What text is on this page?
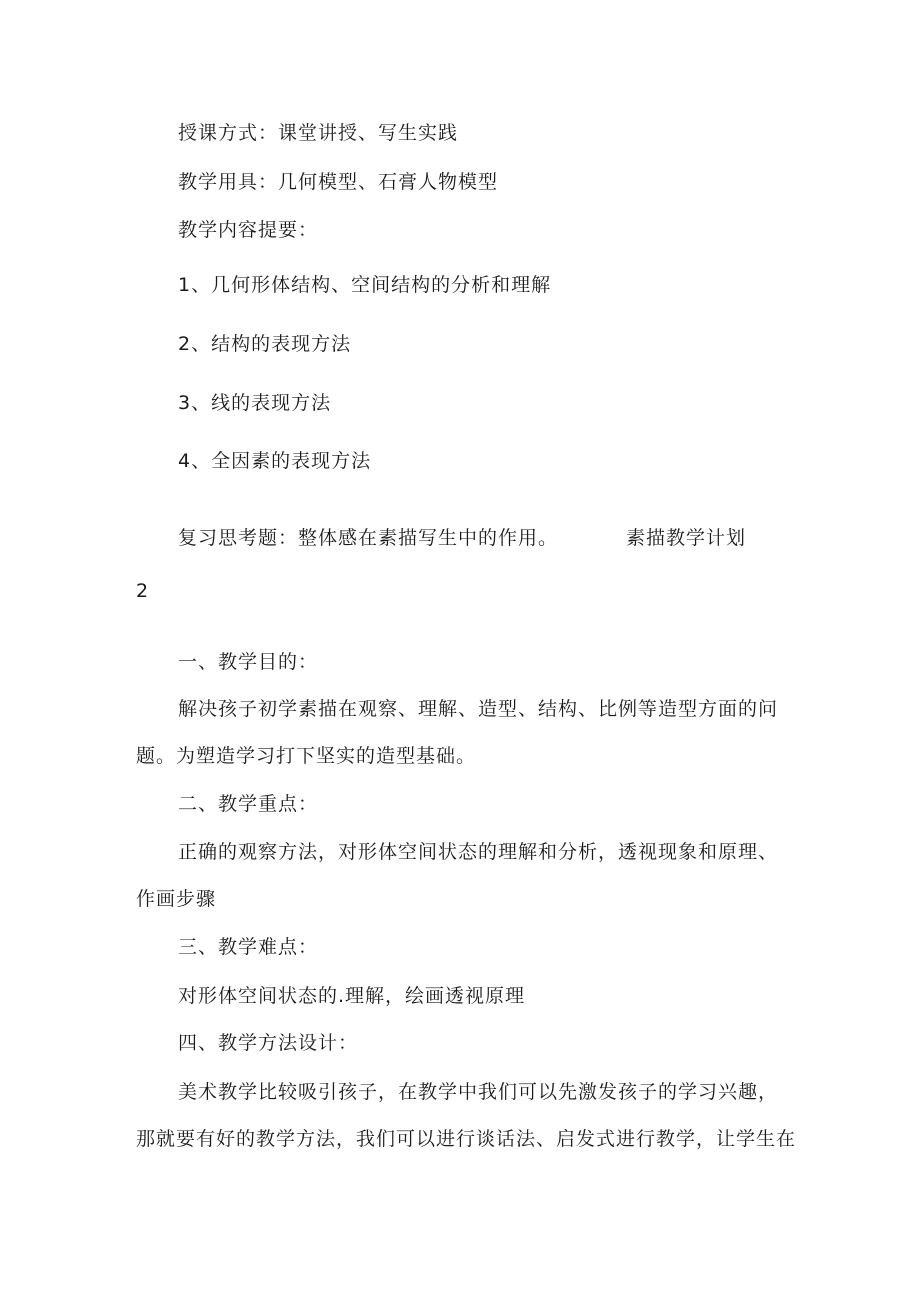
授课方式：课堂讲授、写生实践
教学用具：几何模型、石膏人物模型
教学内容提要：
1、几何形体结构、空间结构的分析和理解
2、结构的表现方法
3、线的表现方法
4、全因素的表现方法
复习思考题：整体感在素描写生中的作用。	素描教学计划
2
一、教学目的：
解决孩子初学素描在观察、理解、造型、结构、比例等造型方面的问
题。为塑造学习打下坚实的造型基础。
二、教学重点：
正确的观察方法，对形体空间状态的理解和分析，透视现象和原理、
作画步骤
三、教学难点：
对形体空间状态的.理解，绘画透视原理
四、教学方法设计：
美术教学比较吸引孩子，在教学中我们可以先激发孩子的学习兴趣，
那就要有好的教学方法，我们可以进行谈话法、启发式进行教学，让学生在
